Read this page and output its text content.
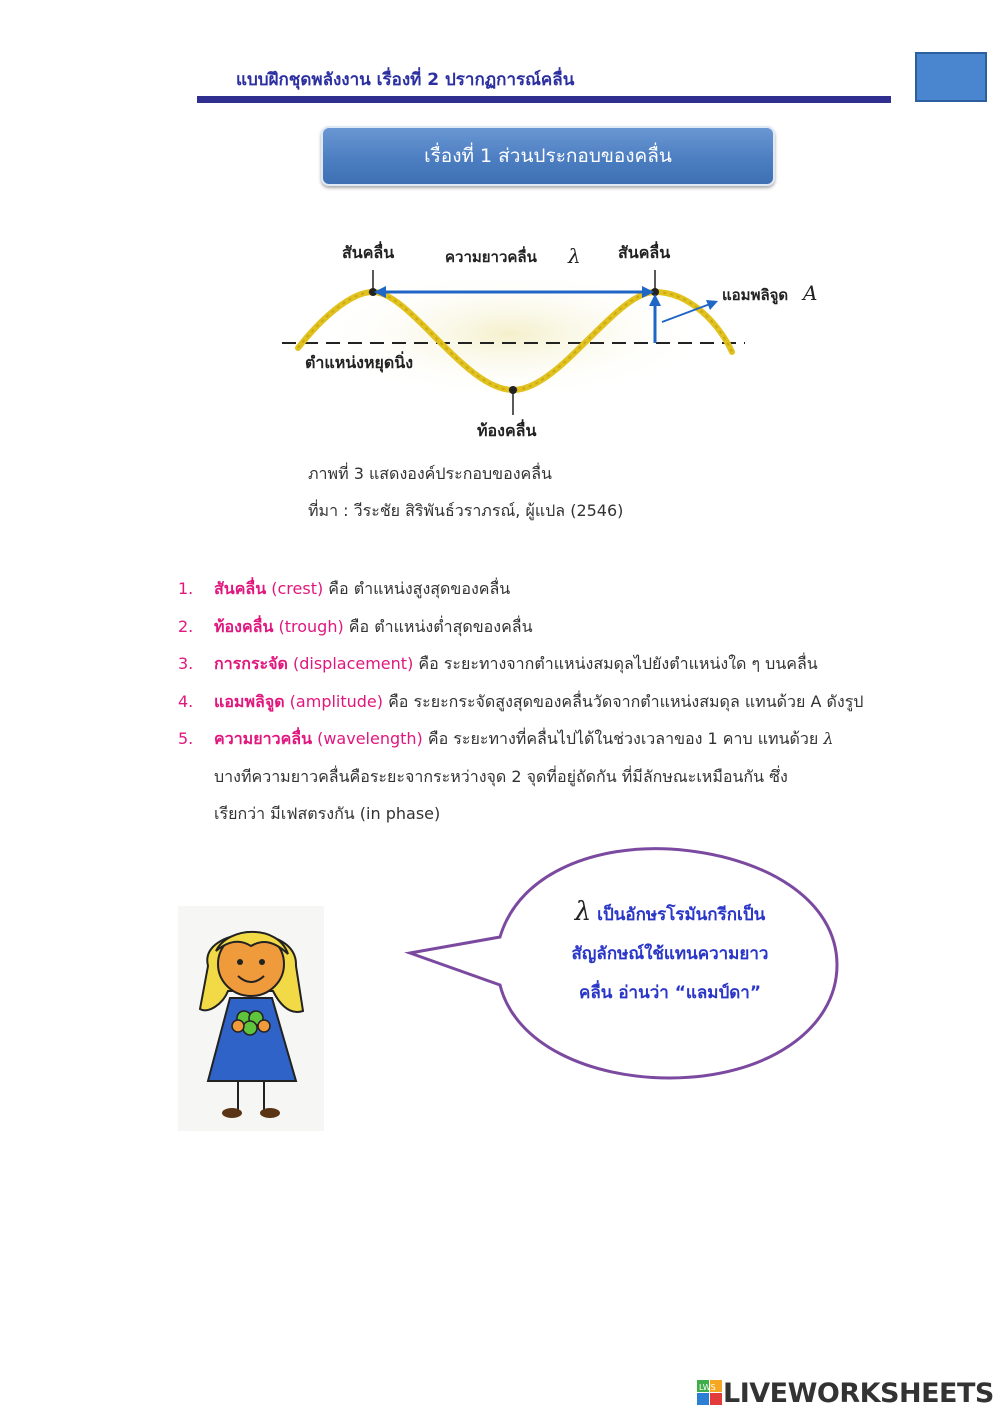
แบบฝึกชุดพลังงาน เรื่องที่ 2 ปรากฏการณ์คลื่น
เรื่องที่ 1 ส่วนประกอบของคลื่น
สันคลื่น	ความยาวคลื่น λ สันคลื่น
แอมพลิจูด A
ตำแหน่งหยุดนิ่ง
ท้องคลื่น
ภาพที่ 3 แสดงองค์ประกอบของคลื่น
ที่มา : วีระชัย สิริพันธ์วราภรณ์, ผู้แปล (2546)
1. สันคลื่น (crest) คือ ตำแหน่งสูงสุดของคลื่น
2. ท้องคลื่น (trough) คือ ตำแหน่งต่ำสุดของคลื่น
3. การกระจัด (displacement) คือ ระยะทางจากตำแหน่งสมดุลไปยังตำแหน่งใด ๆ บนคลื่น
4. แอมพลิจูด (amplitude) คือ ระยะกระจัดสูงสุดของคลื่นวัดจากตำแหน่งสมดุล แทนด้วย A ดังรูป
5. ความยาวคลื่น (wavelength) คือ ระยะทางที่คลื่นไปได้ในช่วงเวลาของ 1 คาบ แทนด้วย λ
บางทีความยาวคลื่นคือระยะจากระหว่างจุด 2 จุดที่อยู่ถัดกัน ที่มีลักษณะเหมือนกัน ซึ่ง
เรียกว่า มีเฟสตรงกัน (in phase)
λ เป็นอักษรโรมันกรีกเป็น
สัญลักษณ์ใช้แทนความยาว
คลื่น อ่านว่า “แลมป์ดา”
LWS LIVEWORKSHEETS
